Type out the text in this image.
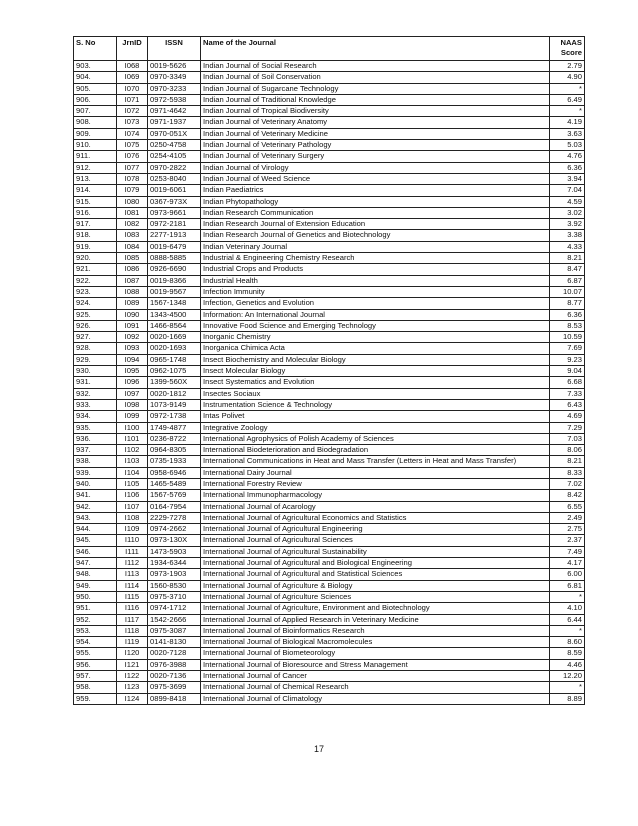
S. No	JrnID	ISSN	Name of the Journal	NAAS
Score
903.	I068	0019-5626	Indian Journal of Social Research	2.79
904.	I069	0970-3349	Indian Journal of Soil Conservation	4.90
905.	I070	0970-3233	Indian Journal of Sugarcane Technology	*
906.	I071	0972-5938	Indian Journal of Traditional Knowledge	6.49
907.	I072	0971-4642	Indian Journal of Tropical Biodiversity	*
908.	I073	0971-1937	Indian Journal of Veterinary Anatomy	4.19
909.	I074	0970-051X	Indian Journal of Veterinary Medicine	3.63
910.	I075	0250-4758	Indian Journal of Veterinary Pathology	5.03
911.	I076	0254-4105	Indian Journal of Veterinary Surgery	4.76
912.	I077	0970-2822	Indian Journal of Virology	6.36
913.	I078	0253-8040	Indian Journal of Weed Science	3.94
914.	I079	0019-6061	Indian Paediatrics	7.04
915.	I080	0367-973X	Indian Phytopathology	4.59
916.	I081	0973-9661	Indian Research Communication	3.02
917.	I082	0972-2181	Indian Research Journal of Extension Education	3.92
918.	I083	2277-1913	Indian Research Journal of Genetics and Biotechnology	3.38
919.	I084	0019-6479	Indian Veterinary Journal	4.33
920.	I085	0888-5885	Industrial & Engineering Chemistry Research	8.21
921.	I086	0926-6690	Industrial Crops and Products	8.47
922.	I087	0019-8366	Industrial Health	6.87
923.	I088	0019-9567	Infection Immunity	10.07
924.	I089	1567-1348	Infection, Genetics and Evolution	8.77
925.	I090	1343-4500	Information: An International Journal	6.36
926.	I091	1466-8564	Innovative Food Science and Emerging Technology	8.53
927.	I092	0020-1669	Inorganic Chemistry	10.59
928.	I093	0020-1693	Inorganica Chimica Acta	7.69
929.	I094	0965-1748	Insect Biochemistry and Molecular Biology	9.23
930.	I095	0962-1075	Insect Molecular Biology	9.04
931.	I096	1399-560X	Insect Systematics and Evolution	6.68
932.	I097	0020-1812	Insectes Sociaux	7.33
933.	I098	1073-9149	Instrumentation Science & Technology	6.43
934.	I099	0972-1738	Intas Polivet	4.69
935.	I100	1749-4877	Integrative Zoology	7.29
936.	I101	0236-8722	International Agrophysics of Polish Academy of Sciences	7.03
937.	I102	0964-8305	International Biodeterioration and Biodegradation	8.06
938.	I103	0735-1933	International Communications in Heat and Mass Transfer (Letters in Heat and Mass Transfer)	8.21
939.	I104	0958-6946	International Dairy Journal	8.33
940.	I105	1465-5489	International Forestry Review	7.02
941.	I106	1567-5769	International Immunopharmacology	8.42
942.	I107	0164-7954	International Journal of Acarology	6.55
943.	I108	2229-7278	International Journal of Agricultural Economics and Statistics	2.49
944.	I109	0974-2662	International Journal of Agricultural Engineering	2.75
945.	I110	0973-130X	International Journal of Agricultural Sciences	2.37
946.	I111	1473-5903	International Journal of Agricultural Sustainability	7.49
947.	I112	1934-6344	International Journal of Agricultural and Biological Engineering	4.17
948.	I113	0973-1903	International Journal of Agricultural and Statistical Sciences	6.00
949.	I114	1560-8530	International Journal of Agriculture & Biology	6.81
950.	I115	0975-3710	International Journal of Agriculture Sciences	*
951.	I116	0974-1712	International Journal of Agriculture, Environment and Biotechnology	4.10
952.	I117	1542-2666	International Journal of Applied Research in Veterinary Medicine	6.44
953.	I118	0975-3087	International Journal of Bioinformatics Research	*
954.	I119	0141-8130	International Journal of Biological Macromolecules	8.60
955.	I120	0020-7128	International Journal of Biometeorology	8.59
956.	I121	0976-3988	International Journal of Bioresource and Stress Management	4.46
957.	I122	0020-7136	International Journal of Cancer	12.20
958.	I123	0975-3699	International Journal of Chemical Research	*
959.	I124	0899-8418	International Journal of Climatology	8.89
17
